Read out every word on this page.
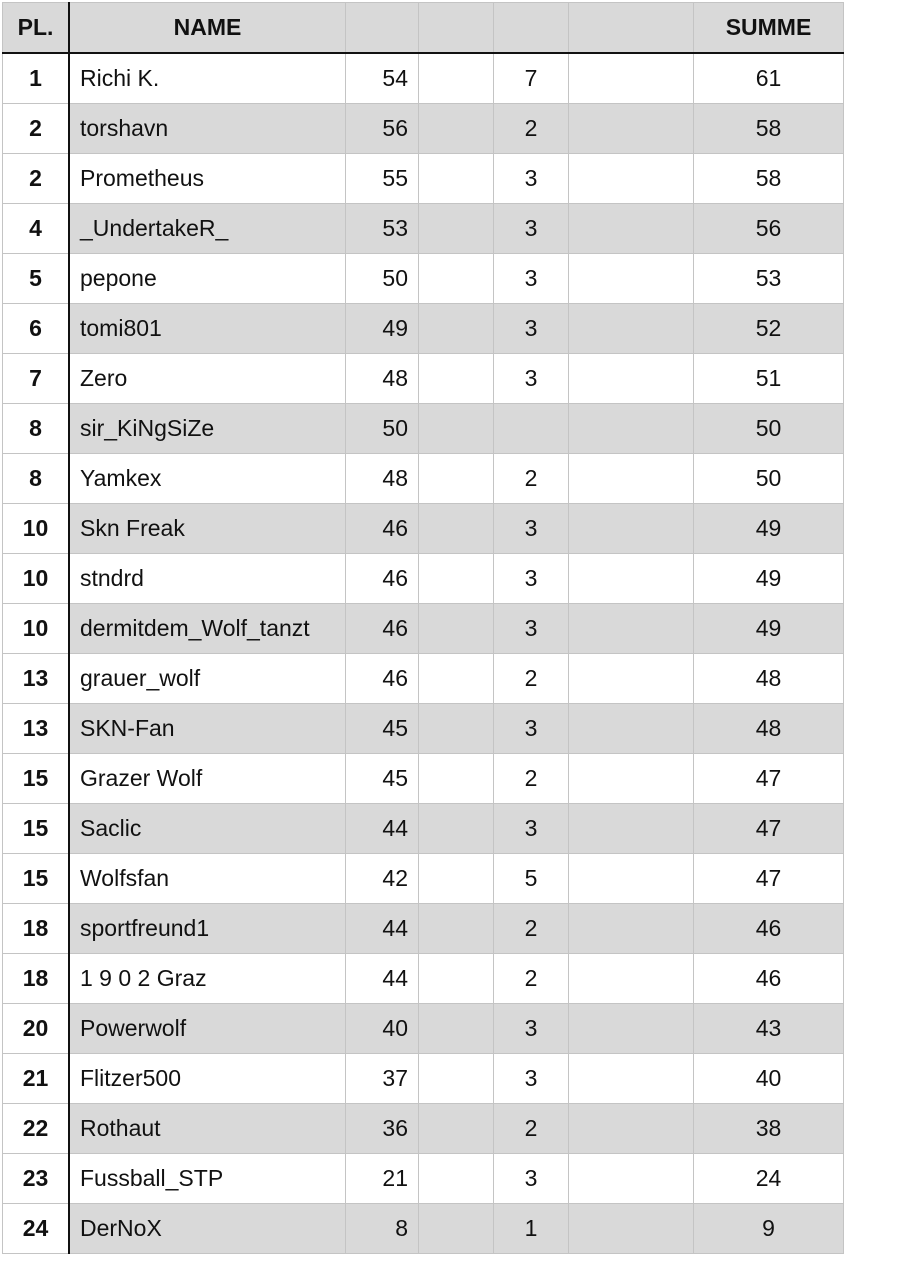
PL.	NAME					SUMME
1	Richi K.	54		7		61
2	torshavn	56		2		58
2	Prometheus	55		3		58
4	_UndertakeR_	53		3		56
5	pepone	50		3		53
6	tomi801	49		3		52
7	Zero	48		3		51
8	sir_KiNgSiZe	50				50
8	Yamkex	48		2		50
10	Skn Freak	46		3		49
10	stndrd	46		3		49
10	dermitdem_Wolf_tanzt	46		3		49
13	grauer_wolf	46		2		48
13	SKN-Fan	45		3		48
15	Grazer Wolf	45		2		47
15	Saclic	44		3		47
15	Wolfsfan	42		5		47
18	sportfreund1	44		2		46
18	1 9 0 2 Graz	44		2		46
20	Powerwolf	40		3		43
21	Flitzer500	37		3		40
22	Rothaut	36		2		38
23	Fussball_STP	21		3		24
24	DerNoX	8		1		9
